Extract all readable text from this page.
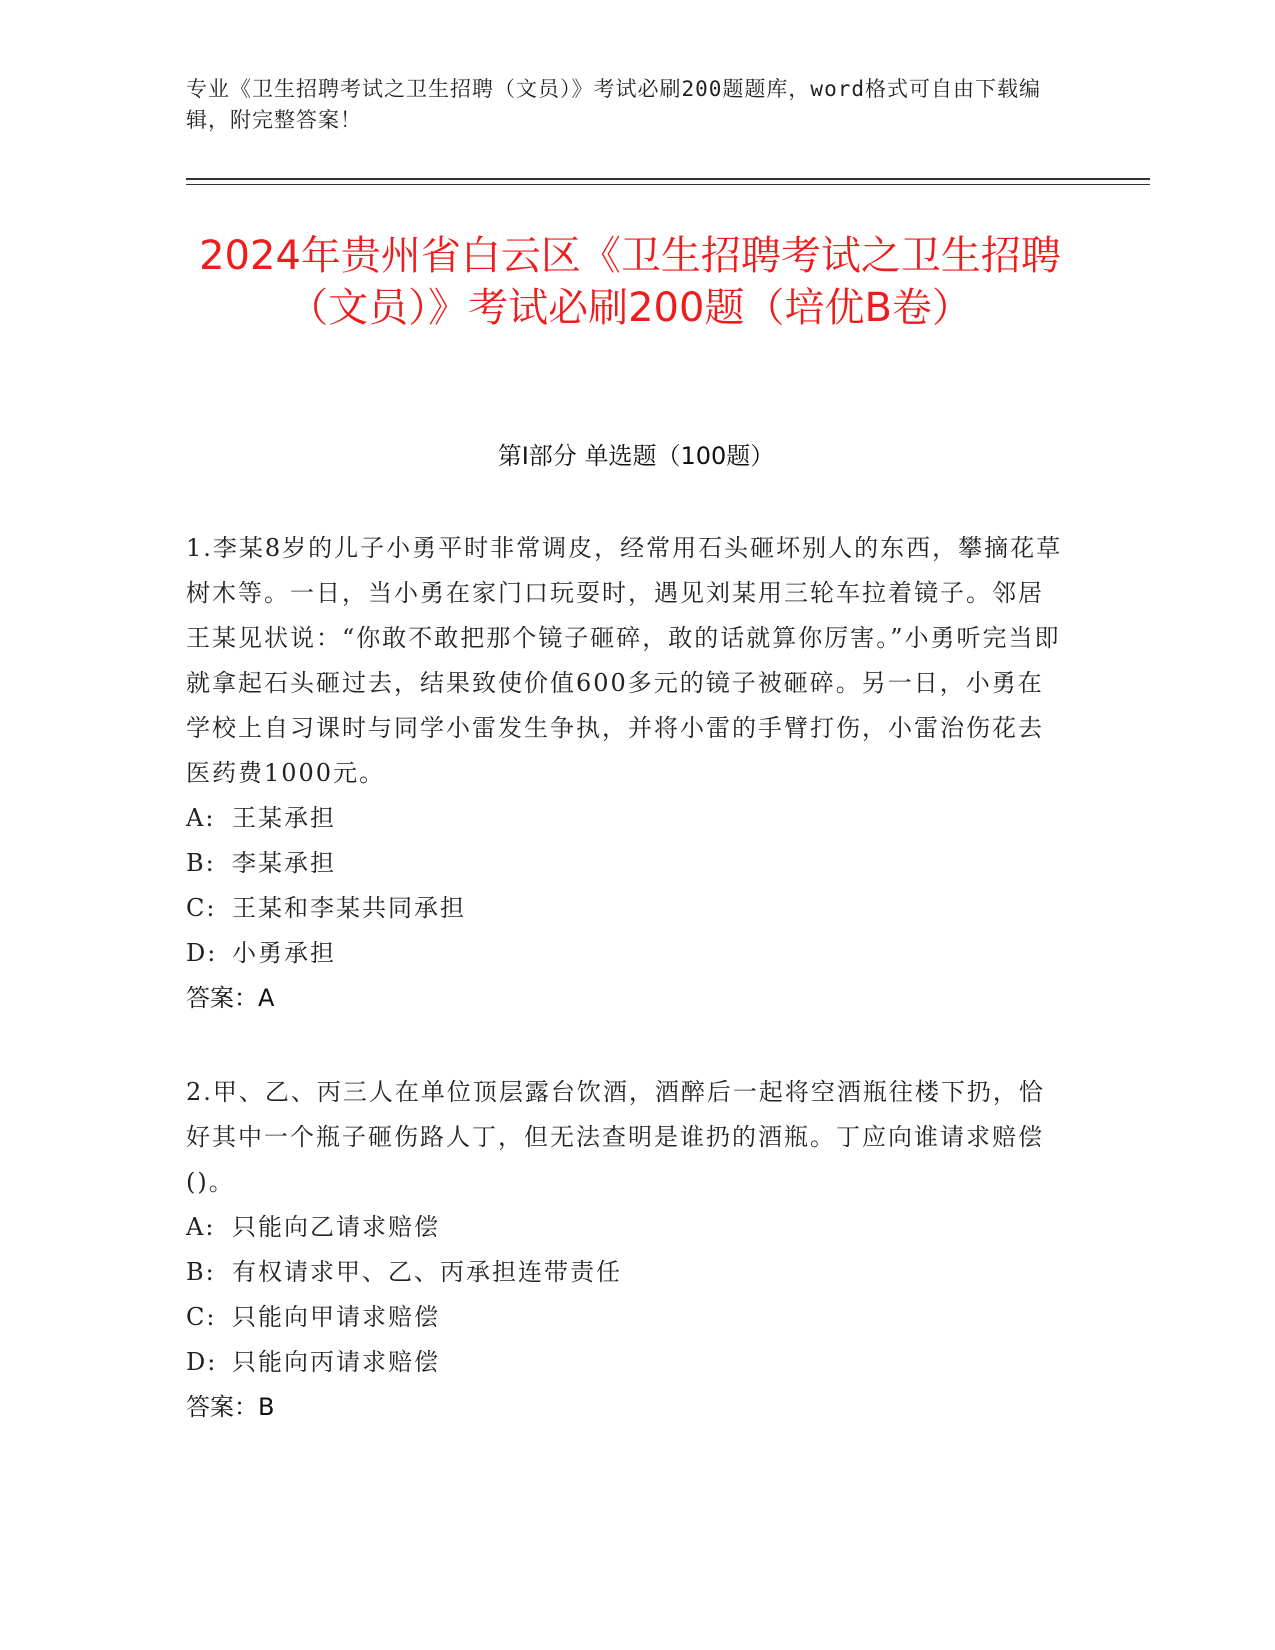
专业《卫生招聘考试之卫生招聘（文员）》考试必刷200题题库，word格式可自由下载编辑，附完整答案！
2024年贵州省白云区《卫生招聘考试之卫生招聘（文员）》考试必刷200题（培优B卷）
第I部分 单选题（100题）

1.李某8岁的儿子小勇平时非常调皮，经常用石头砸坏别人的东西，攀摘花草树木等。一日，当小勇在家门口玩耍时，遇见刘某用三轮车拉着镜子。邻居王某见状说：“你敢不敢把那个镜子砸碎，敢的话就算你厉害。”小勇听完当即就拿起石头砸过去，结果致使价值600多元的镜子被砸碎。另一日，小勇在学校上自习课时与同学小雷发生争执，并将小雷的手臂打伤，小雷治伤花去医药费1000元。

A: 王某承担

B: 李某承担

C: 王某和李某共同承担

D: 小勇承担

答案：A

2.甲、乙、丙三人在单位顶层露台饮酒，酒醉后一起将空酒瓶往楼下扔，恰好其中一个瓶子砸伤路人丁，但无法查明是谁扔的酒瓶。丁应向谁请求赔偿()。

A: 只能向乙请求赔偿

B: 有权请求甲、乙、丙承担连带责任

C: 只能向甲请求赔偿

D: 只能向丙请求赔偿

答案：B
